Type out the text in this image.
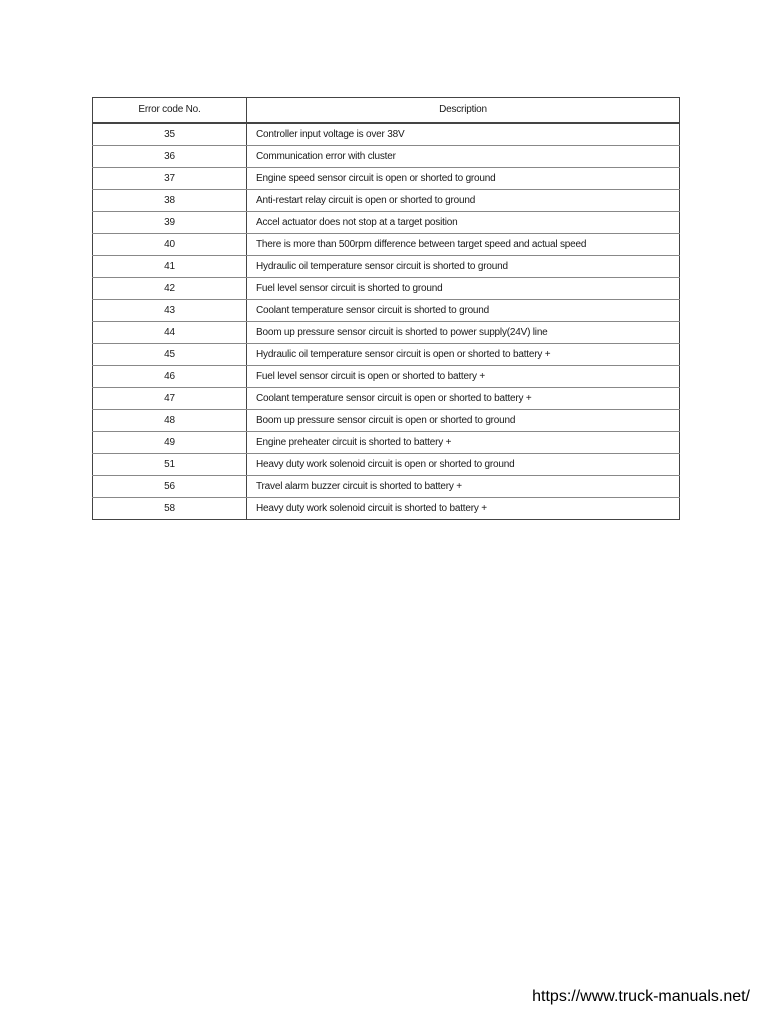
Error code No.	Description
35	Controller input voltage is over 38V
36	Communication error with cluster
37	Engine speed sensor circuit is open or shorted to ground
38	Anti-restart relay circuit is open or shorted to ground
39	Accel actuator does not stop at a target position
40	There is more than 500rpm difference between target speed and actual speed
41	Hydraulic oil temperature sensor circuit is shorted to ground
42	Fuel level sensor circuit is shorted to ground
43	Coolant temperature sensor circuit is shorted to ground
44	Boom up pressure sensor circuit is shorted to power supply(24V) line
45	Hydraulic oil temperature sensor circuit is open or shorted to battery +
46	Fuel level sensor circuit is open or shorted to battery +
47	Coolant temperature sensor circuit is open or shorted to battery +
48	Boom up pressure sensor circuit is open or shorted to ground
49	Engine preheater circuit is shorted to battery +
51	Heavy duty work solenoid circuit is open or shorted to ground
56	Travel alarm buzzer circuit is shorted to battery +
58	Heavy duty work solenoid circuit is shorted to battery +
https://www.truck-manuals.net/
